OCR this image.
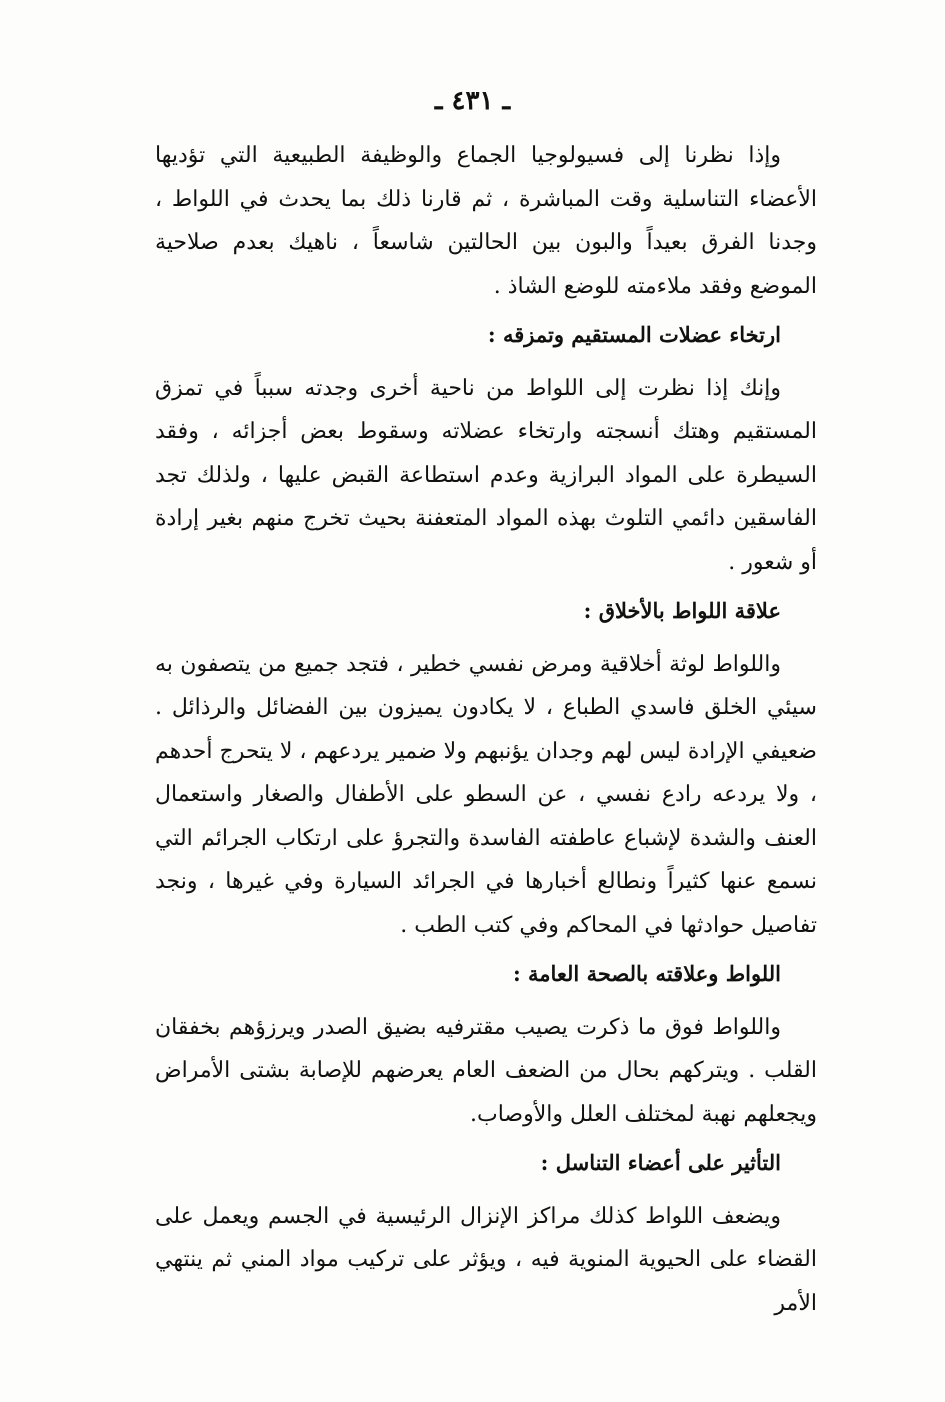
ـ ٤٣١ ـ

وإذا نظرنا إلى فسيولوجيا الجماع والوظيفة الطبيعية التي تؤديها الأعضاء التناسلية وقت المباشرة ، ثم قارنا ذلك بما يحدث في اللواط ، وجدنا الفرق بعيداً والبون بين الحالتين شاسعاً ، ناهيك بعدم صلاحية الموضع وفقد ملاءمته للوضع الشاذ .

ارتخاء عضلات المستقيم وتمزقه :

وإنك إذا نظرت إلى اللواط من ناحية أخرى وجدته سبباً في تمزق المستقيم وهتك أنسجته وارتخاء عضلاته وسقوط بعض أجزائه ، وفقد السيطرة على المواد البرازية وعدم استطاعة القبض عليها ، ولذلك تجد الفاسقين دائمي التلوث بهذه المواد المتعفنة بحيث تخرج منهم بغير إرادة أو شعور .

علاقة اللواط بالأخلاق :

واللواط لوثة أخلاقية ومرض نفسي خطير ، فتجد جميع من يتصفون به سيئي الخلق فاسدي الطباع ، لا يكادون يميزون بين الفضائل والرذائل . ضعيفي الإرادة ليس لهم وجدان يؤنبهم ولا ضمير يردعهم ، لا يتحرج أحدهم ، ولا يردعه رادع نفسي ، عن السطو على الأطفال والصغار واستعمال العنف والشدة لإشباع عاطفته الفاسدة والتجرؤ على ارتكاب الجرائم التي نسمع عنها كثيراً ونطالع أخبارها في الجرائد السيارة وفي غيرها ، ونجد تفاصيل حوادثها في المحاكم وفي كتب الطب .

اللواط وعلاقته بالصحة العامة :

واللواط فوق ما ذكرت يصيب مقترفيه بضيق الصدر ويرزؤهم بخفقان القلب . ويتركهم بحال من الضعف العام يعرضهم للإصابة بشتى الأمراض ويجعلهم نهبة لمختلف العلل والأوصاب.

التأثير على أعضاء التناسل :

ويضعف اللواط كذلك مراكز الإنزال الرئيسية في الجسم ويعمل على القضاء على الحيوية المنوية فيه ، ويؤثر على تركيب مواد المني ثم ينتهي الأمر
